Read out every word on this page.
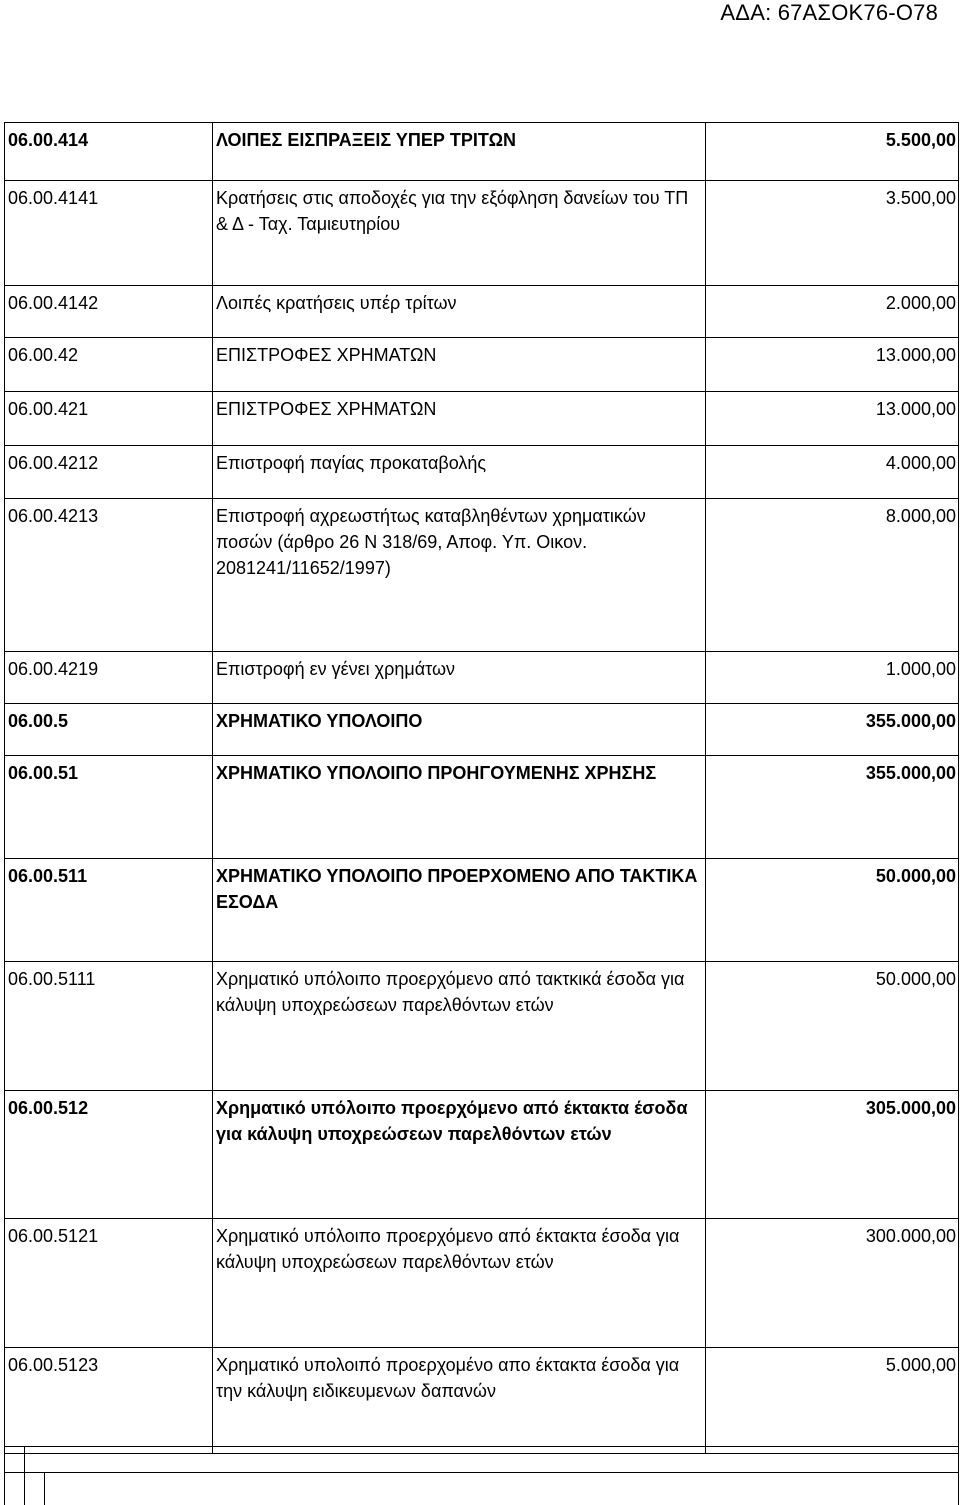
ΑΔΑ: 67ΑΣΟΚ76-Ο78
06.00.414	ΛΟΙΠΕΣ ΕΙΣΠΡΑΞΕΙΣ ΥΠΕΡ ΤΡΙΤΩΝ	5.500,00
06.00.4141	Κρατήσεις στις αποδοχές για την εξόφληση δανείων του ΤΠ & Δ - Ταχ. Ταμιευτηρίου	3.500,00
06.00.4142	Λοιπές κρατήσεις υπέρ τρίτων	2.000,00
06.00.42	ΕΠΙΣΤΡΟΦΕΣ ΧΡΗΜΑΤΩΝ	13.000,00
06.00.421	ΕΠΙΣΤΡΟΦΕΣ ΧΡΗΜΑΤΩΝ	13.000,00
06.00.4212	Επιστροφή παγίας προκαταβολής	4.000,00
06.00.4213	Επιστροφή αχρεωστήτως καταβληθέντων χρηματικών ποσών (άρθρο 26 Ν 318/69, Αποφ. Υπ. Οικον. 2081241/11652/1997)	8.000,00
06.00.4219	Επιστροφή εν γένει χρημάτων	1.000,00
06.00.5	ΧΡΗΜΑΤΙΚΟ ΥΠΟΛΟΙΠΟ	355.000,00
06.00.51	ΧΡΗΜΑΤΙΚΟ ΥΠΟΛΟΙΠΟ ΠΡΟΗΓΟΥΜΕΝΗΣ ΧΡΗΣΗΣ	355.000,00
06.00.511	ΧΡΗΜΑΤΙΚΟ ΥΠΟΛΟΙΠΟ ΠΡΟΕΡΧΟΜΕΝΟ ΑΠΟ ΤΑΚΤΙΚΑ ΕΣΟΔΑ	50.000,00
06.00.5111	Χρηματικό υπόλοιπο προερχόμενο από τακτκικά έσοδα για κάλυψη υποχρεώσεων παρελθόντων ετών	50.000,00
06.00.512	Χρηματικό υπόλοιπο προερχόμενο από έκτακτα έσοδα για κάλυψη υποχρεώσεων παρελθόντων ετών	305.000,00
06.00.5121	Χρηματικό υπόλοιπο προερχόμενο από έκτακτα έσοδα για κάλυψη υποχρεώσεων παρελθόντων ετών	300.000,00
06.00.5123	Χρηματικό υπολοιπό προερχομένο απο έκτακτα έσοδα για την κάλυψη ειδικευμενων δαπανών	5.000,00
